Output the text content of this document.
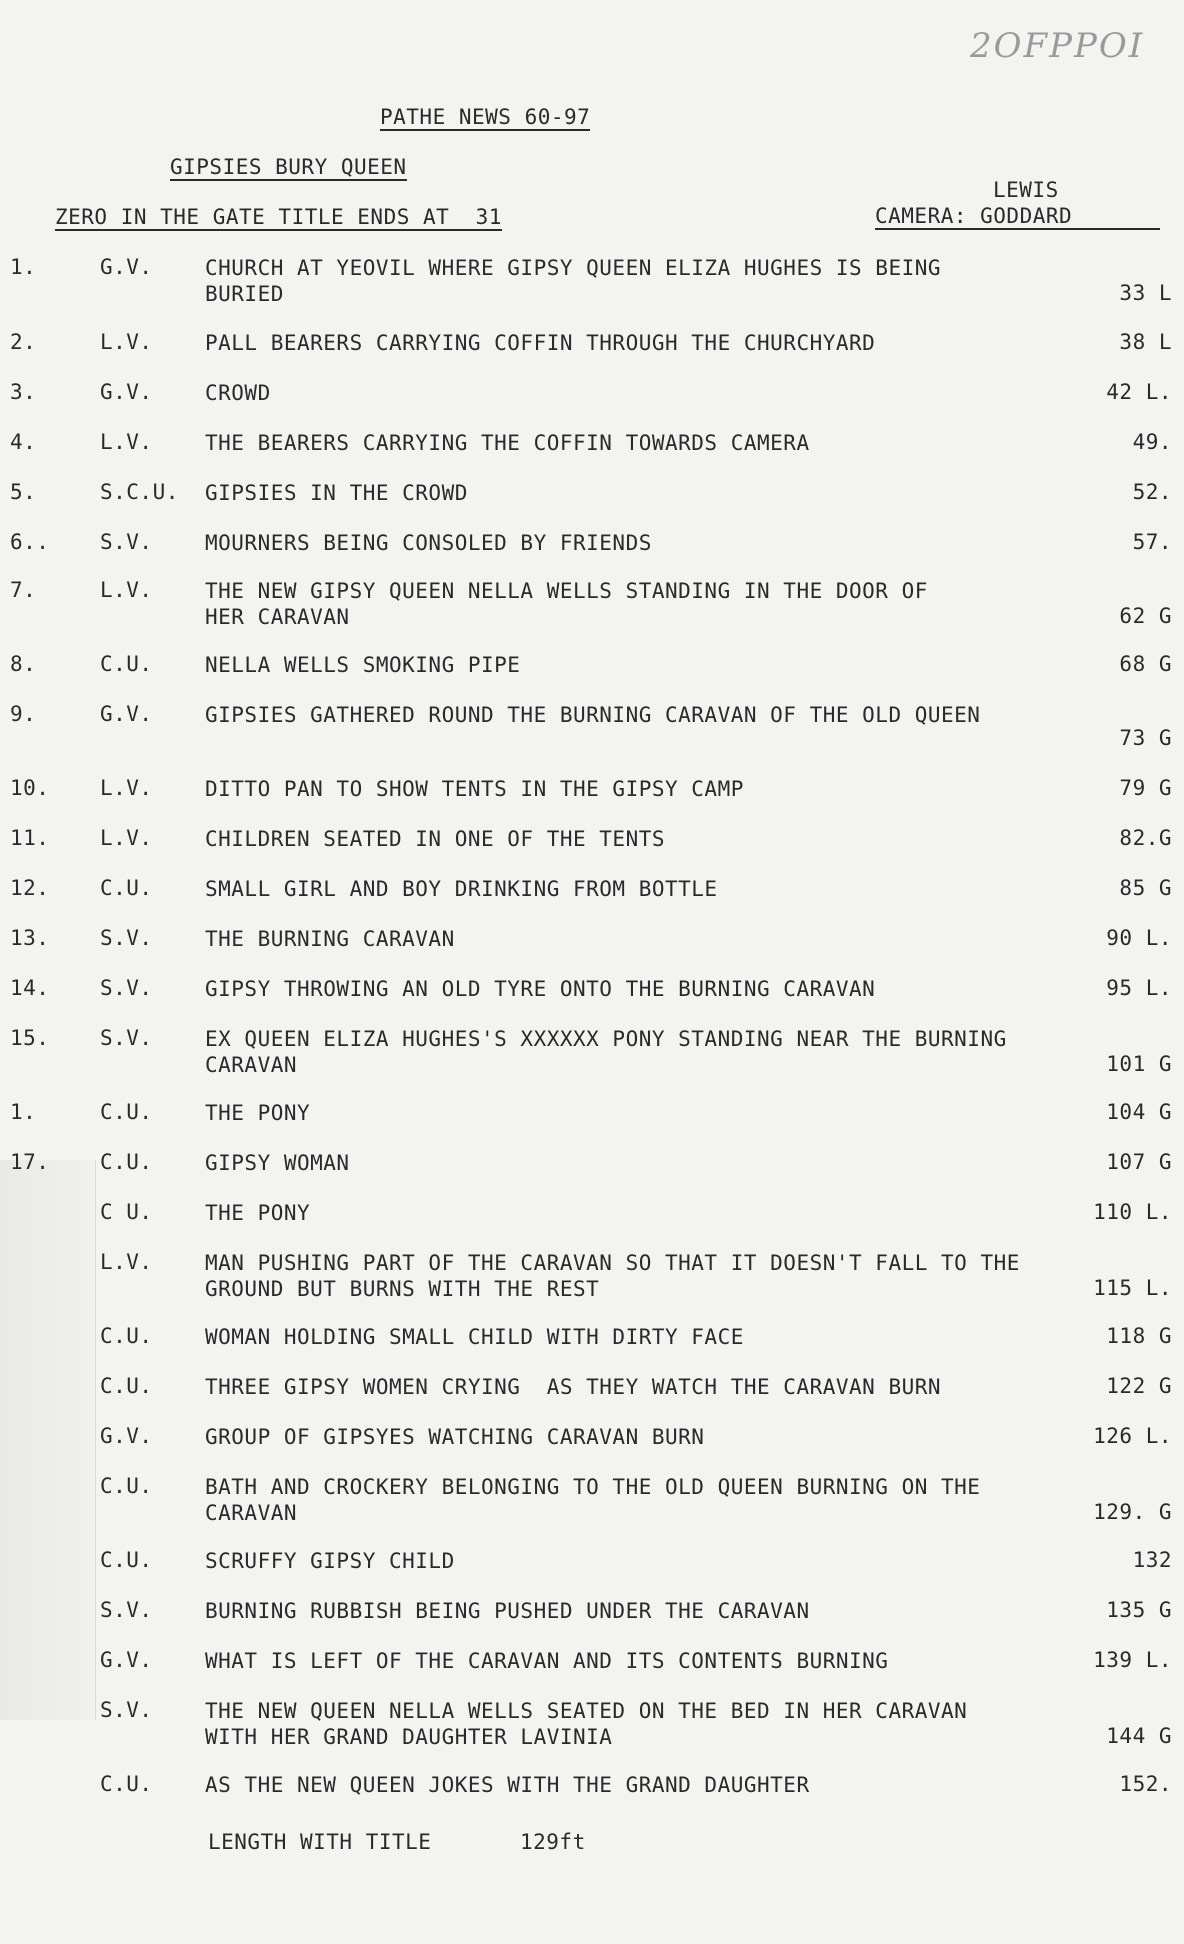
2OFPPOI
PATHE NEWS 60-97
GIPSIES BURY QUEEN
ZERO IN THE GATE TITLE ENDS AT  31
LEWIS
CAMERA: GODDARD
1.	G.V. CHURCH AT YEOVIL WHERE GIPSY QUEEN ELIZA HUGHES IS BEING
BURIED	33 L
2.	L.V. PALL BEARERS CARRYING COFFIN THROUGH THE CHURCHYARD	38 L
3.	G.V. CROWD	42 L.
4.	L.V. THE BEARERS CARRYING THE COFFIN TOWARDS CAMERA	49.
5.	S.C.U. GIPSIES IN THE CROWD	52.
6.. S.V. MOURNERS BEING CONSOLED BY FRIENDS	57.
7.	L.V. THE NEW GIPSY QUEEN NELLA WELLS STANDING IN THE DOOR OF
HER CARAVAN	62 G
8.	C.U. NELLA WELLS SMOKING PIPE	68 G
9.	G.V. GIPSIES GATHERED ROUND THE BURNING CARAVAN OF THE OLD QUEEN
73 G
10. L.V. DITTO PAN TO SHOW TENTS IN THE GIPSY CAMP	79 G
11. L.V. CHILDREN SEATED IN ONE OF THE TENTS	82.G
12. C.U. SMALL GIRL AND BOY DRINKING FROM BOTTLE	85 G
13. S.V. THE BURNING CARAVAN	90 L.
14. S.V. GIPSY THROWING AN OLD TYRE ONTO THE BURNING CARAVAN	95 L.
15. S.V. EX QUEEN ELIZA HUGHES'S XXXXXX PONY STANDING NEAR THE BURNING
CARAVAN	101 G
1.	C.U. THE PONY	104 G
17. C.U. GIPSY WOMAN	107 G
C U. THE PONY	110 L.
L.V. MAN PUSHING PART OF THE CARAVAN SO THAT IT DOESN'T FALL TO THE
GROUND BUT BURNS WITH THE REST	115 L.
C.U. WOMAN HOLDING SMALL CHILD WITH DIRTY FACE	118 G
C.U. THREE GIPSY WOMEN CRYING  AS THEY WATCH THE CARAVAN BURN	122 G
G.V. GROUP OF GIPSYES WATCHING CARAVAN BURN	126 L.
C.U. BATH AND CROCKERY BELONGING TO THE OLD QUEEN BURNING ON THE
CARAVAN	129. G
C.U. SCRUFFY GIPSY CHILD	132
S.V. BURNING RUBBISH BEING PUSHED UNDER THE CARAVAN	135 G
G.V. WHAT IS LEFT OF THE CARAVAN AND ITS CONTENTS BURNING	139 L.
S.V. THE NEW QUEEN NELLA WELLS SEATED ON THE BED IN HER CARAVAN
WITH HER GRAND DAUGHTER LAVINIA	144 G
C.U. AS THE NEW QUEEN JOKES WITH THE GRAND DAUGHTER	152.
LENGTH WITH TITLE	129ft
